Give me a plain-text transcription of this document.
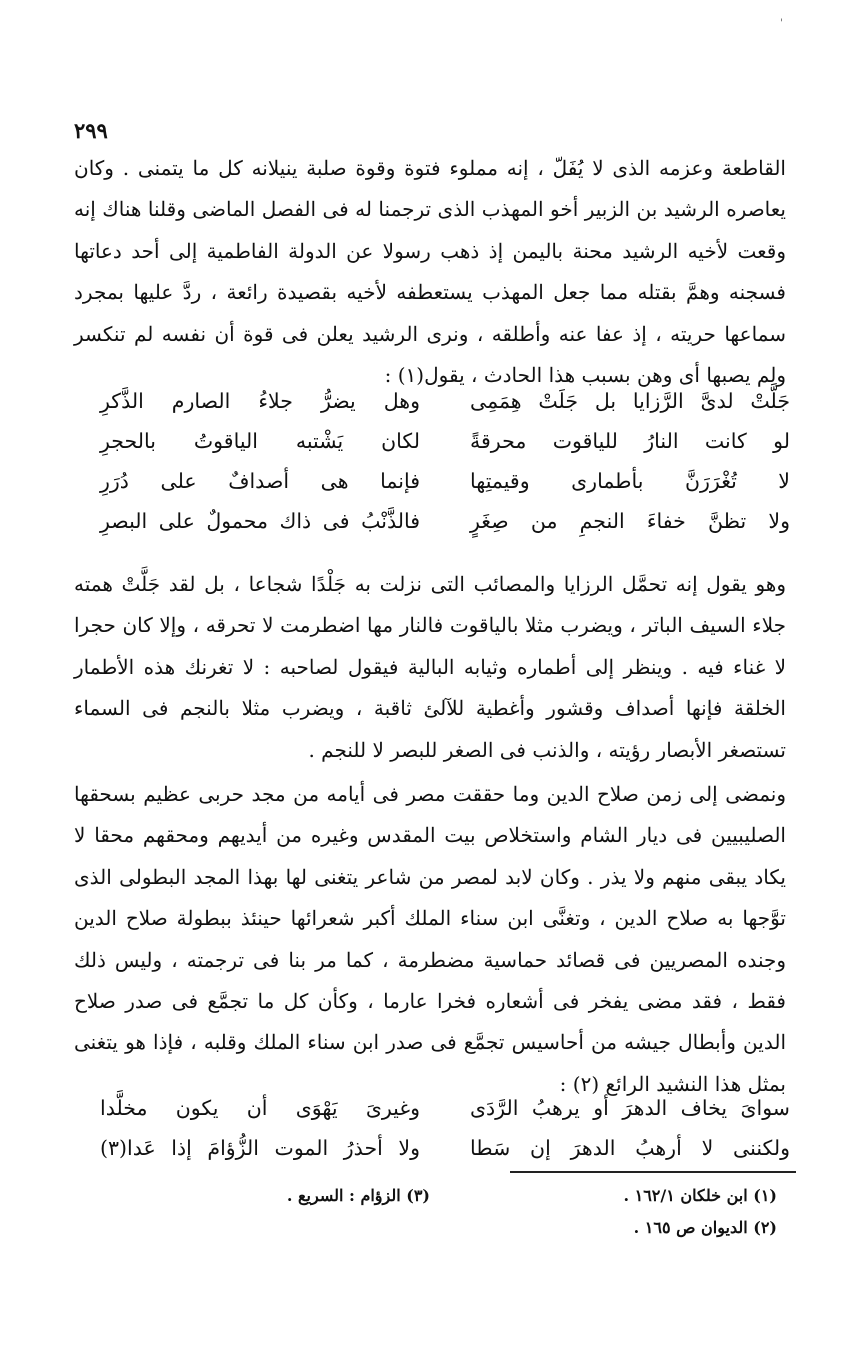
'
٢٩٩

القاطعة وعزمه الذى لا يُفَلّ ، إنه مملوء فتوة وقوة صلبة ينيلانه كل ما يتمنى . وكان يعاصره الرشيد بن الزبير أخو المهذب الذى ترجمنا له فى الفصل الماضى وقلنا هناك إنه وقعت لأخيه الرشيد محنة باليمن إذ ذهب رسولا عن الدولة الفاطمية إلى أحد دعاتها فسجنه وهمَّ بقتله مما جعل المهذب يستعطفه لأخيه بقصيدة رائعة ، ردَّ عليها بمجرد سماعها حريته ، إذ عفا عنه وأطلقه ، ونرى الرشيد يعلن فى قوة أن نفسه لم تنكسر ولم يصبها أى وهن بسبب هذا الحادث ، يقول(١) :

جَلَّتْ لدىَّ الرَّزايا بل جَلَتْ هِمَمِى
وهل يضرُّ جلاءُ الصارم الذَّكرِ
لو كانت النارُ للياقوت محرقةً
لكان يَشْتبه الياقوتُ بالحجرِ
لا تُغْرَرَنَّ بأطمارى وقيمتِها
فإنما هى أصدافٌ على دُرَرِ
ولا تظنَّ خفاءَ النجمِ من صِغَرٍ
فالذَّنْبُ فى ذاك محمولٌ على البصرِ

وهو يقول إنه تحمَّل الرزايا والمصائب التى نزلت به جَلْدًا شجاعا ، بل لقد جَلَّتْ همته جلاء السيف الباتر ، ويضرب مثلا بالياقوت فالنار مها اضطرمت لا تحرقه ، وإلا كان حجرا لا غناء فيه . وينظر إلى أطماره وثيابه البالية فيقول لصاحبه : لا تغرنك هذه الأطمار الخلقة فإنها أصداف وقشور وأغطية للآلئ ثاقبة ، ويضرب مثلا بالنجم فى السماء تستصغر الأبصار رؤيته ، والذنب فى الصغر للبصر لا للنجم .

ونمضى إلى زمن صلاح الدين وما حققت مصر فى أيامه من مجد حربى عظيم بسحقها الصليبيين فى ديار الشام واستخلاص بيت المقدس وغيره من أيديهم ومحقهم محقا لا يكاد يبقى منهم ولا يذر . وكان لابد لمصر من شاعر يتغنى لها بهذا المجد البطولى الذى توَّجها به صلاح الدين ، وتغنَّى ابن سناء الملك أكبر شعرائها حينئذ ببطولة صلاح الدين وجنده المصريين فى قصائد حماسية مضطرمة ، كما مر بنا فى ترجمته ، وليس ذلك فقط ، فقد مضى يفخر فى أشعاره فخرا عارما ، وكأن كل ما تجمَّع فى صدر صلاح الدين وأبطال جيشه من أحاسيس تجمَّع فى صدر ابن سناء الملك وقلبه ، فإذا هو يتغنى بمثل هذا النشيد الرائع (٢) :

سواىَ يخاف الدهرَ أو يرهبُ الرَّدَى
وغيرىَ يَهْوَى أن يكون مخلَّدا
ولكننى لا أرهبُ الدهرَ إن سَطا
ولا أحذرُ الموت الزُّؤامَ إذا عَدا(٣)
(١) ابن خلكان ١٦٢/١ .
(٢) الديوان ص ١٦٥ .
(٣) الزؤام : السريع .
